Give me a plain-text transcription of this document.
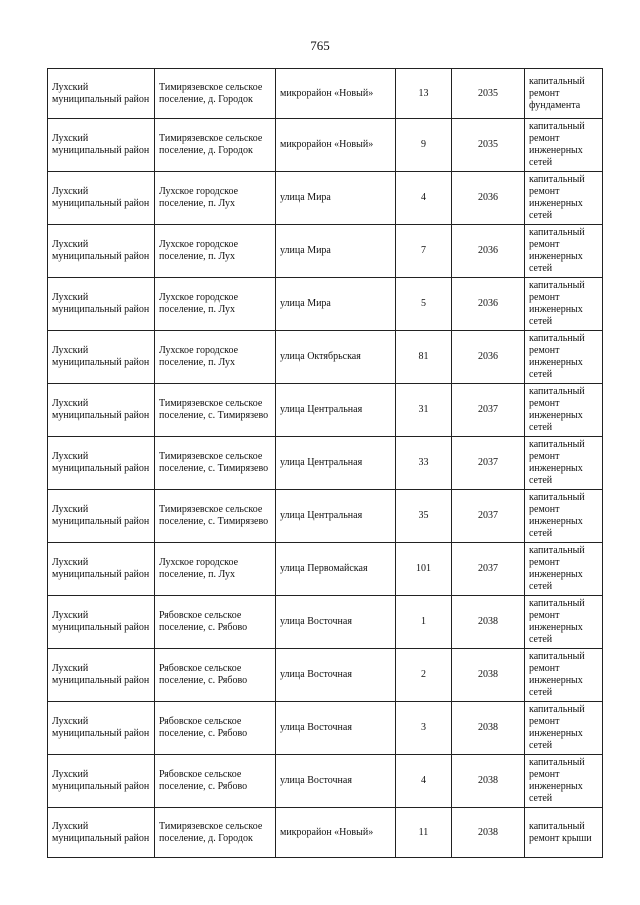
765
Лухский муниципальный район	Тимирязевское сельское поселение, д. Городок	микрорайон «Новый»	13	2035	капитальный ремонт фундамента
Лухский муниципальный район	Тимирязевское сельское поселение, д. Городок	микрорайон «Новый»	9	2035	капитальный ремонт инженерных сетей
Лухский муниципальный район	Лухское городское поселение, п. Лух	улица Мира	4	2036	капитальный ремонт инженерных сетей
Лухский муниципальный район	Лухское городское поселение, п. Лух	улица Мира	7	2036	капитальный ремонт инженерных сетей
Лухский муниципальный район	Лухское городское поселение, п. Лух	улица Мира	5	2036	капитальный ремонт инженерных сетей
Лухский муниципальный район	Лухское городское поселение, п. Лух	улица Октябрьская	81	2036	капитальный ремонт инженерных сетей
Лухский муниципальный район	Тимирязевское сельское поселение, с. Тимирязево	улица Центральная	31	2037	капитальный ремонт инженерных сетей
Лухский муниципальный район	Тимирязевское сельское поселение, с. Тимирязево	улица Центральная	33	2037	капитальный ремонт инженерных сетей
Лухский муниципальный район	Тимирязевское сельское поселение, с. Тимирязево	улица Центральная	35	2037	капитальный ремонт инженерных сетей
Лухский муниципальный район	Лухское городское поселение, п. Лух	улица Первомайская	101	2037	капитальный ремонт инженерных сетей
Лухский муниципальный район	Рябовское сельское поселение, с. Рябово	улица Восточная	1	2038	капитальный ремонт инженерных сетей
Лухский муниципальный район	Рябовское сельское поселение, с. Рябово	улица Восточная	2	2038	капитальный ремонт инженерных сетей
Лухский муниципальный район	Рябовское сельское поселение, с. Рябово	улица Восточная	3	2038	капитальный ремонт инженерных сетей
Лухский муниципальный район	Рябовское сельское поселение, с. Рябово	улица Восточная	4	2038	капитальный ремонт инженерных сетей
Лухский муниципальный район	Тимирязевское сельское поселение, д. Городок	микрорайон «Новый»	11	2038	капитальный ремонт крыши
